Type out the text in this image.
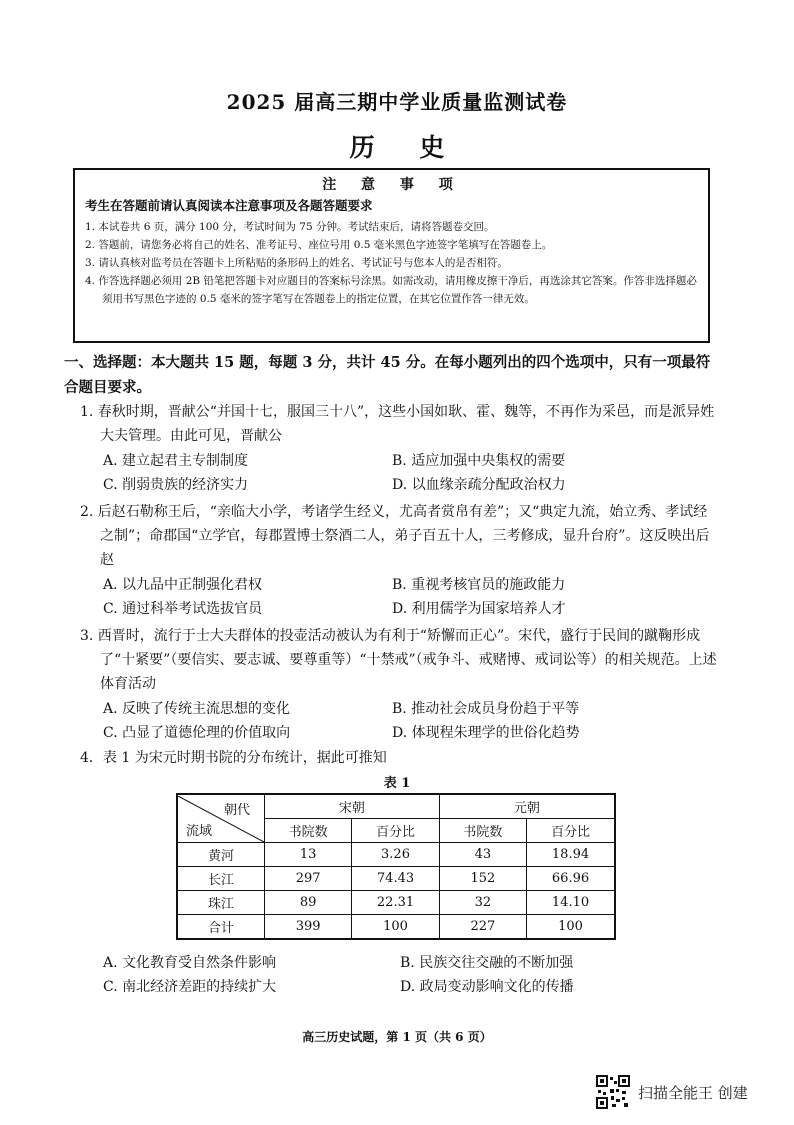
2025 届高三期中学业质量监测试卷
历 史
注 意 事 项
考生在答题前请认真阅读本注意事项及各题答题要求
1. 本试卷共 6 页，满分 100 分，考试时间为 75 分钟。考试结束后，请将答题卷交回。
2. 答题前，请您务必将自己的姓名、准考证号、座位号用 0.5 毫米黑色字迹签字笔填写在答题卷上。
3. 请认真核对监考员在答题卡上所粘贴的条形码上的姓名、考试证号与您本人的是否相符。
4. 作答选择题必须用 2B 铅笔把答题卡对应题目的答案标号涂黑。如需改动，请用橡皮擦干净后，再选涂其它答案。作答非选择题必须用书写黑色字迹的 0.5 毫米的签字笔写在答题卷上的指定位置，在其它位置作答一律无效。
一、选择题：本大题共 15 题，每题 3 分，共计 45 分。在每小题列出的四个选项中，只有一项最符合题目要求。
1. 春秋时期，晋献公“并国十七，服国三十八”，这些小国如耿、霍、魏等，不再作为采邑，而是派异姓大夫管理。由此可见，晋献公
A. 建立起君主专制制度	B. 适应加强中央集权的需要
C. 削弱贵族的经济实力	D. 以血缘亲疏分配政治权力
2. 后赵石勒称王后，“亲临大小学，考诸学生经义，尤高者赏帛有差”；又“典定九流，始立秀、孝试经之制”；命郡国“立学官，每郡置博士祭酒二人，弟子百五十人，三考修成，显升台府”。这反映出后赵
A. 以九品中正制强化君权	B. 重视考核官员的施政能力
C. 通过科举考试选拔官员	D. 利用儒学为国家培养人才
3. 西晋时，流行于士大夫群体的投壶活动被认为有利于“矫懈而正心”。宋代，盛行于民间的蹴鞠形成了“十紧要”（要信实、要志诚、要尊重等）“十禁戒”（戒争斗、戒赌博、戒词讼等）的相关规范。上述体育活动
A. 反映了传统主流思想的变化	B. 推动社会成员身份趋于平等
C. 凸显了道德伦理的价值取向	D. 体现程朱理学的世俗化趋势
4．表 1 为宋元时期书院的分布统计，据此可推知
表 1
朝代
流域	宋朝		元朝	
	书院数	百分比	书院数	百分比
黄河	13	3.26	43	18.94
长江	297	74.43	152	66.96
珠江	89	22.31	32	14.10
合计	399	100	227	100
A. 文化教育受自然条件影响	B. 民族交往交融的不断加强
C. 南北经济差距的持续扩大	D. 政局变动影响文化的传播
高三历史试题，第 1 页（共 6 页）
扫描全能王 创建
